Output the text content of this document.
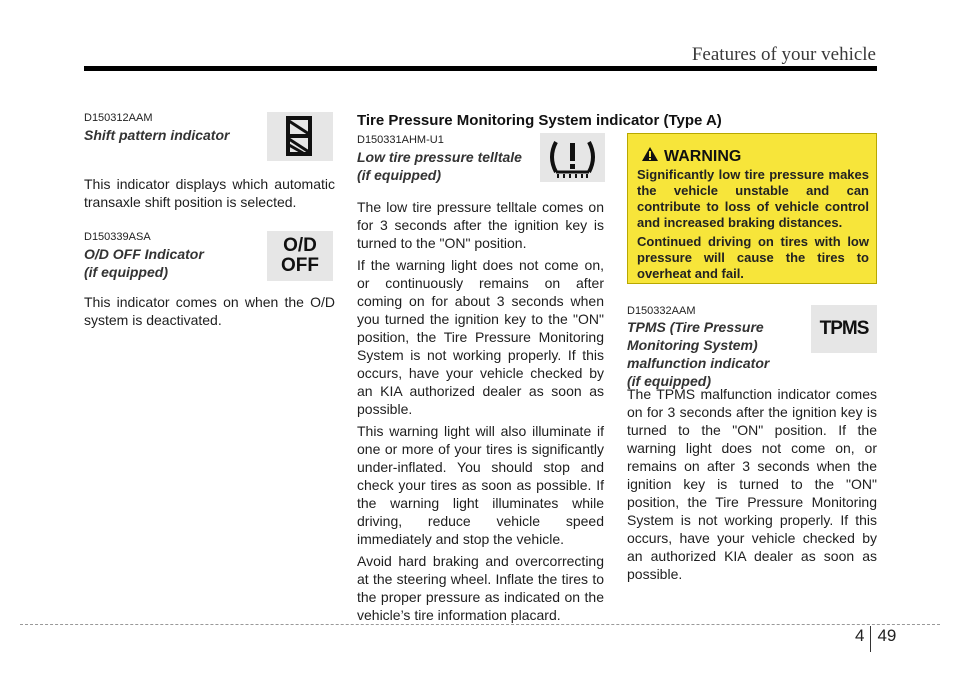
Features of your vehicle
D150312AAM
Shift pattern indicator
This indicator displays which automatic transaxle shift position is selected.
D150339ASA
O/D OFF Indicator
(if equipped)
O/D
OFF
This indicator comes on when the O/D system is deactivated.
Tire Pressure Monitoring System indicator (Type A)
D150331AHM-U1
Low tire pressure telltale
(if equipped)

The low tire pressure telltale comes on for 3 seconds after the ignition key is turned to the "ON" position.

If the warning light does not come on, or continuously remains on after coming on for about 3 seconds when you turned the ignition key to the "ON" position, the Tire Pressure Monitoring System is not working properly. If this occurs, have your vehicle checked by an KIA authorized dealer as soon as possible.

This warning light will also illuminate if one or more of your tires is significantly under-inflated. You should stop and check your tires as soon as possible. If the warning light illuminates while driving, reduce vehicle speed immediately and stop the vehicle.

Avoid hard braking and overcorrecting at the steering wheel. Inflate the tires to the proper pressure as indicated on the vehicle’s tire information placard.

WARNING

Significantly low tire pressure makes the vehicle unstable and can contribute to loss of vehicle control and increased braking distances.

Continued driving on tires with low pressure will cause the tires to overheat and fail.

D150332AAM
TPMS (Tire Pressure
Monitoring System)
malfunction indicator
(if equipped)
TPMS
The TPMS malfunction indicator comes on for 3 seconds after the ignition key is turned to the "ON" position. If the warning light does not come on, or remains on after 3 seconds when the ignition key is turned to the "ON" position, the Tire Pressure Monitoring System is not working properly. If this occurs, have your vehicle checked by an authorized KIA dealer as soon as possible.
4 49
